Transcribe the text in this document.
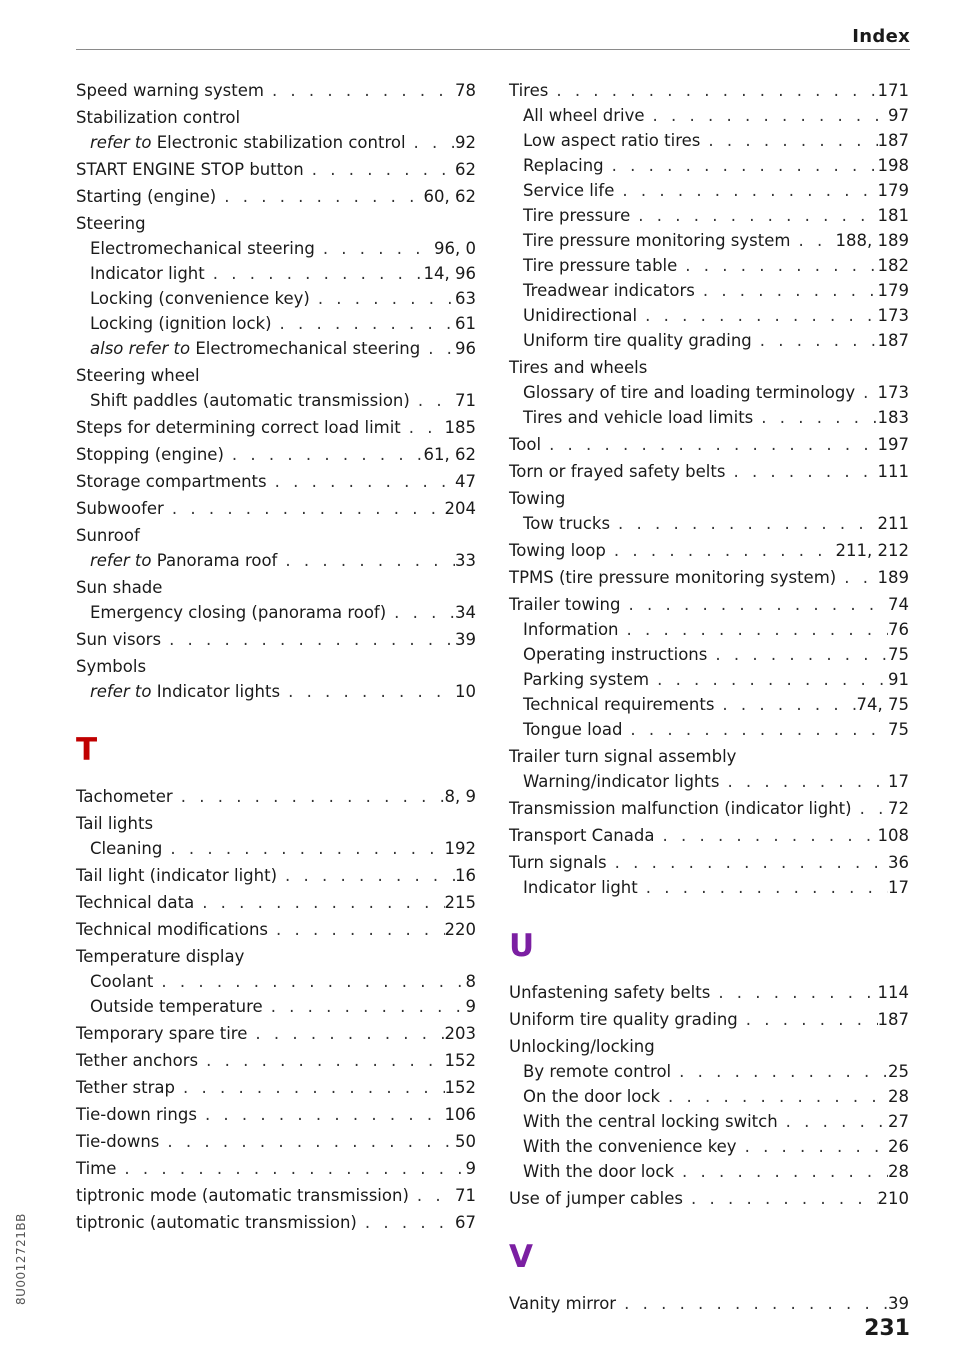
Index
Speed warning system . . .	78
Stabilization control
refer to Electronic stabilization control . . .	92
START ENGINE STOP button . . .	62
Starting (engine) . . .	60, 62
Steering
Electromechanical steering . . .	96, 0
Indicator light . . .	14, 96
Locking (convenience key) . . .	63
Locking (ignition lock) . . .	61
also refer to Electromechanical steering . . . 96
Steering wheel
Shift paddles (automatic transmission) . . .	71
Steps for determining correct load limit . . .	185
Stopping (engine) . . .	61, 62
Storage compartments . . .	47
Subwoofer . . .	204
Sunroof
refer to Panorama roof . . .	33
Sun shade
Emergency closing (panorama roof) . . .	34
Sun visors . . .	39
Symbols
refer to Indicator lights . . .	10
T
Tachometer . . .	8, 9
Tail lights
Cleaning . . .	192
Tail light (indicator light) . . .	16
Technical data . . .	215
Technical modifications . . .	220
Temperature display
Coolant . . .	8
Outside temperature . . .	9
Temporary spare tire . . .	203
Tether anchors . . .	152
Tether strap . . .	152
Tie-down rings . . .	106
Tie-downs . . .	50
Time . . .	9
tiptronic mode (automatic transmission) . . .	71
tiptronic (automatic transmission) . . .	67
Tires . . .	171
All wheel drive . . .	97
Low aspect ratio tires . . .	187
Replacing . . .	198
Service life . . .	179
Tire pressure . . .	181
Tire pressure monitoring system . . .	188, 189
Tire pressure table . . .	182
Treadwear indicators . . .	179
Unidirectional . . .	173
Uniform tire quality grading . . .	187
Tires and wheels
Glossary of tire and loading terminology . . . 173
Tires and vehicle load limits . . .	183
Tool . . .	197
Torn or frayed safety belts . . .	111
Towing
Tow trucks . . .	211
Towing loop . . .	211, 212
TPMS (tire pressure monitoring system) . . .	189
Trailer towing . . .	74
Information . . .	76
Operating instructions . . .	75
Parking system . . .	91
Technical requirements . . .	74, 75
Tongue load . . .	75
Trailer turn signal assembly
Warning/indicator lights . . .	17
Transmission malfunction (indicator light) . . . 72
Transport Canada . . .	108
Turn signals . . .	36
Indicator light . . .	17
U
Unfastening safety belts . . .	114
Uniform tire quality grading . . .	187
Unlocking/locking
By remote control . . .	25
On the door lock . . .	28
With the central locking switch . . .	27
With the convenience key . . .	26
With the door lock . . .	28
Use of jumper cables . . .	210
V
Vanity mirror . . .	39
8U0012721BB
231
